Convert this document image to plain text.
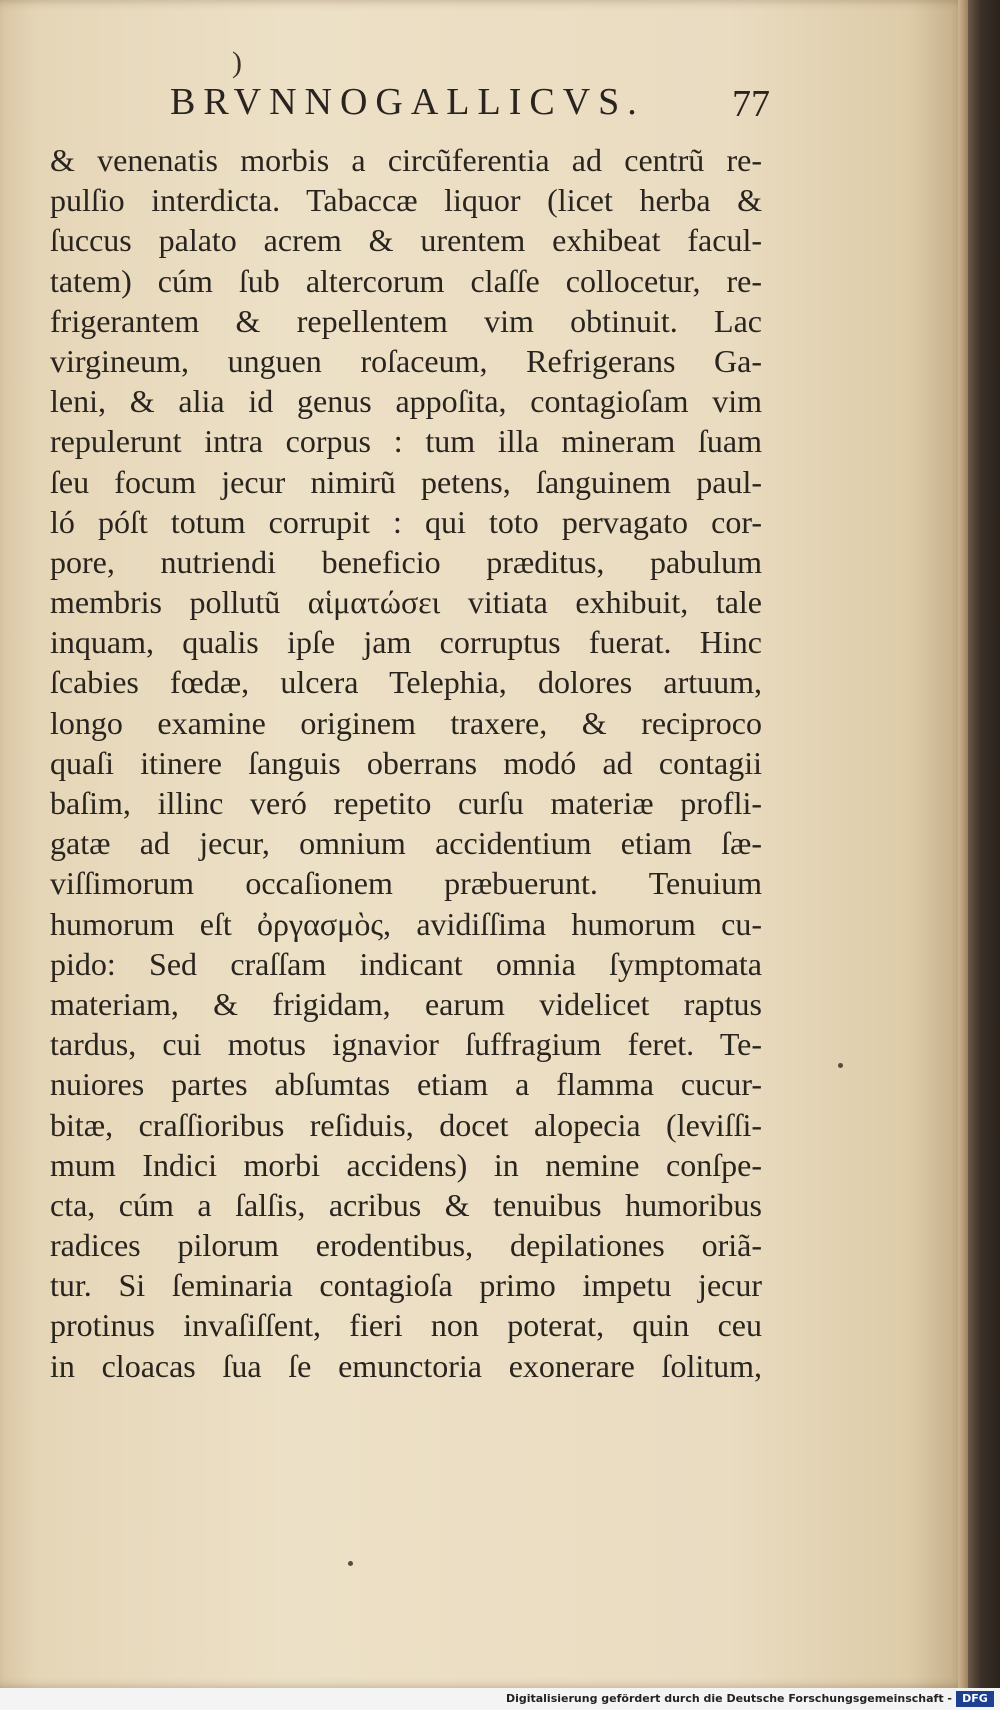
)
BRVNNOGALLICVS. 77
& venenatis morbis a circũferentia ad centrũ re-
pulſio interdicta. Tabaccæ liquor (licet herba &
ſuccus palato acrem & urentem exhibeat facul-
tatem) cúm ſub altercorum claſſe collocetur, re-
frigerantem & repellentem vim obtinuit. Lac
virgineum, unguen roſaceum, Refrigerans Ga-
leni, & alia id genus appoſita, contagioſam vim
repulerunt intra corpus : tum illa mineram ſuam
ſeu focum jecur nimirũ petens, ſanguinem paul-
ló póſt totum corrupit : qui toto pervagato cor-
pore, nutriendi beneficio præditus, pabulum
membris pollutũ αἱματώσει vitiata exhibuit, tale
inquam, qualis ipſe jam corruptus fuerat. Hinc
ſcabies fœdæ, ulcera Telephia, dolores artuum,
longo examine originem traxere, & reciproco
quaſi itinere ſanguis oberrans modó ad contagii
baſim, illinc veró repetito curſu materiæ profli-
gatæ ad jecur, omnium accidentium etiam ſæ-
viſſimorum occaſionem præbuerunt. Tenuium
humorum eſt ὀργασμὸς, avidiſſima humorum cu-
pido: Sed craſſam indicant omnia ſymptomata
materiam, & frigidam, earum videlicet raptus
tardus, cui motus ignavior ſuffragium feret. Te-
nuiores partes abſumtas etiam a flamma cucur-
bitæ, craſſioribus reſiduis, docet alopecia (leviſſi-
mum Indici morbi accidens) in nemine conſpe-
cta, cúm a ſalſis, acribus & tenuibus humoribus
radices pilorum erodentibus, depilationes oriã-
tur. Si ſeminaria contagioſa primo impetu jecur
protinus invaſiſſent, fieri non poterat, quin ceu
in cloacas ſua ſe emunctoria exonerare ſolitum,
Digitalisierung gefördert durch die Deutsche Forschungsgemeinschaft - DFG
